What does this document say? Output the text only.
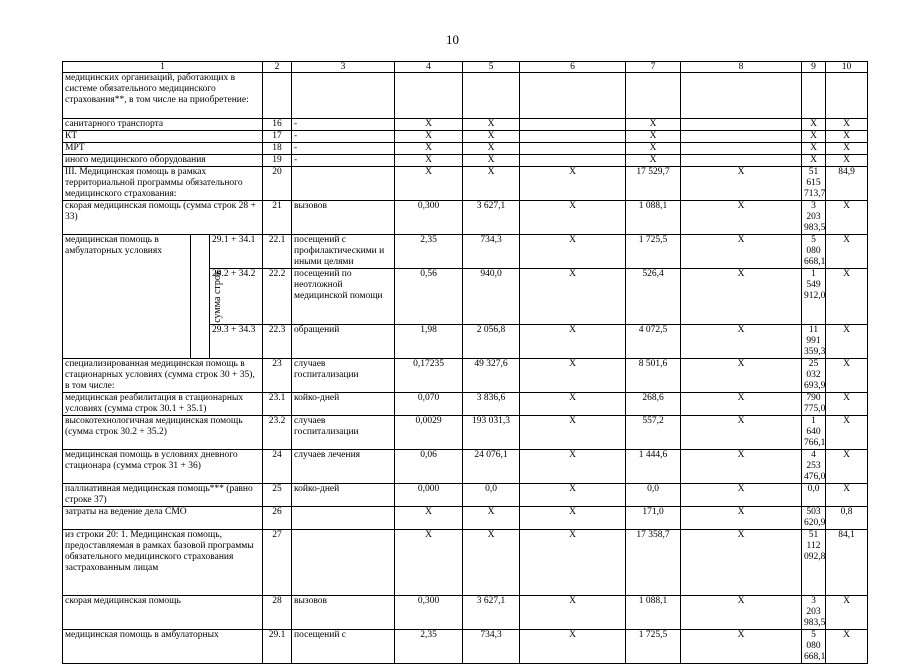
10
1			2	3	4	5	6	7	8	9	10
медицинских организаций, работающих в системе обязательного медицинского страхования**, в том числе на приобретение:											
санитарного транспорта			16	-	X	X		X		X	X
КТ			17	-	X	X		X		X	X
МРТ			18	-	X	X		X		X	X
иного медицинского оборудования			19	-	X	X		X		X	X
III. Медицинская помощь в рамках территориальной программы обязательного медицинского страхования:			20		X	X	X	17 529,7	X	51 615 713,7	84,9
скорая медицинская помощь (сумма строк 28 + 33)			21	вызовов	0,300	3 627,1	X	1 088,1	X	3 203 983,5	X
медицинская помощь в амбулаторных условиях	сумма строк	29.1 + 34.1	22.1	посещений с профилактическими и иными целями	2,35	734,3	X	1 725,5	X	5 080 668,1	X
		29.2 + 34.2	22.2	посещений по неотложной медицинской помощи	0,56	940,0	X	526,4	X	1 549 912,0	X
		29.3 + 34.3	22.3	обращений	1,98	2 056,8	X	4 072,5	X	11 991 359,3	X
специализированная медицинская помощь в стационарных условиях (сумма строк 30 + 35), в том числе:			23	случаев госпитализации	0,17235	49 327,6	X	8 501,6	X	25 032 693,9	X
медицинская реабилитация в стационарных условиях (сумма строк 30.1 + 35.1)			23.1	койко-дней	0,070	3 836,6	X	268,6	X	790 775,0	X
высокотехнологичная медицинская помощь (сумма строк 30.2 + 35.2)			23.2	случаев госпитализации	0,0029	193 031,3	X	557,2	X	1 640 766,1	X
медицинская помощь в условиях дневного стационара (сумма строк 31 + 36)			24	случаев лечения	0,06	24 076,1	X	1 444,6	X	4 253 476,0	X
паллиативная медицинская помощь*** (равно строке 37)			25	койко-дней	0,000	0,0	X	0,0	X	0,0	X
затраты на ведение дела СМО			26		X	X	X	171,0	X	503 620,9	0,8
из строки 20: 1. Медицинская помощь, предоставляемая в рамках базовой программы обязательного медицинского страхования застрахованным лицам			27		X	X	X	17 358,7	X	51 112 092,8	84,1
скорая медицинская помощь			28	вызовов	0,300	3 627,1	X	1 088,1	X	3 203 983,5	X
медицинская помощь в амбулаторных			29.1	посещений с	2,35	734,3	X	1 725,5	X	5 080 668,1	X
